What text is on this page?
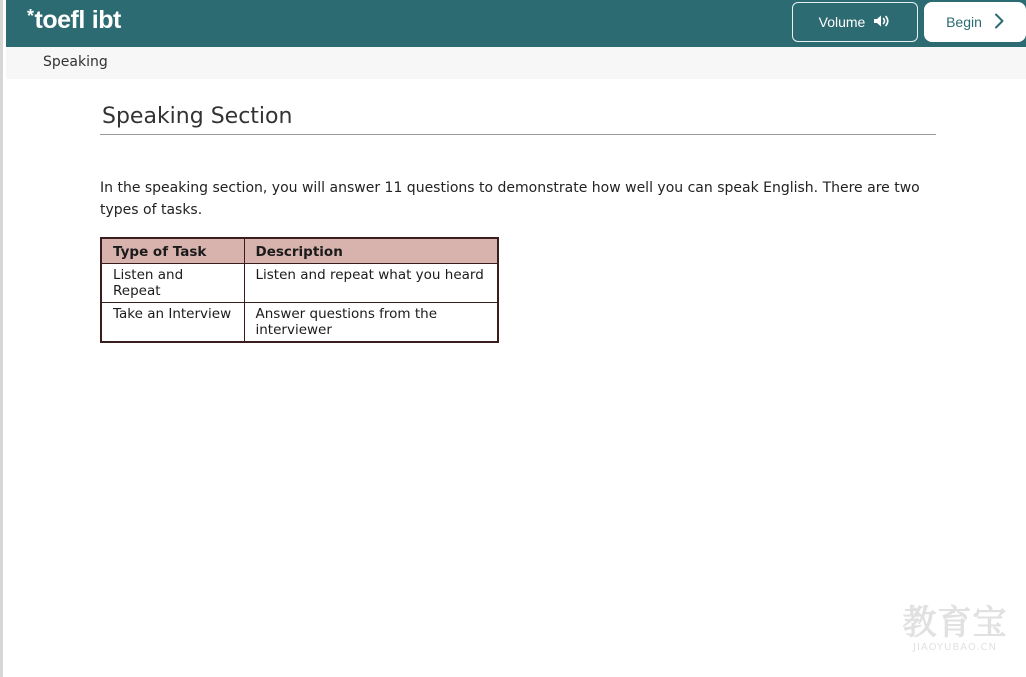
* toefl ibt	Volume	Begin
Speaking
Speaking Section

In the speaking section, you will answer 11 questions to demonstrate how well you can speak English. There are two types of tasks.

Type of Task	Description
Listen and Repeat	Listen and repeat what you heard
Take an Interview	Answer questions from the interviewer
教育宝
JIAOYUBAO.CN
